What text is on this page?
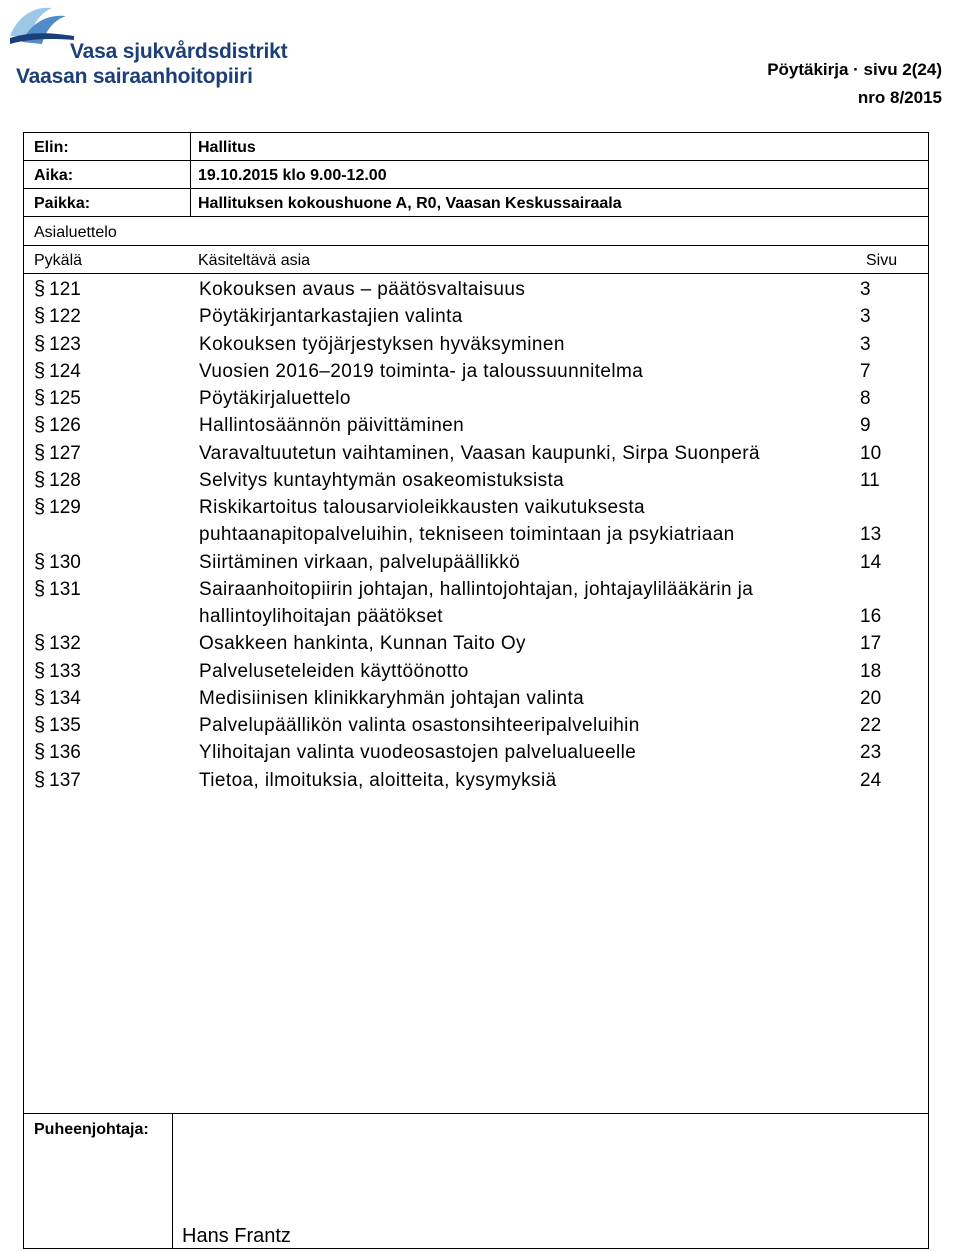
Vasa sjukvårdsdistrikt
Vaasan sairaanhoitopiiri	Pöytäkirja · sivu 2(24)
nro 8/2015
Elin:	Hallitus
Aika:	19.10.2015 klo 9.00-12.00
Paikka:	Hallituksen kokoushuone A, R0, Vaasan Keskussairaala
Asialuettelo
Pykälä	Käsiteltävä asia	Sivu
§ 121	Kokouksen avaus – päätösvaltaisuus	3
§ 122	Pöytäkirjantarkastajien valinta	3
§ 123	Kokouksen työjärjestyksen hyväksyminen	3
§ 124	Vuosien 2016–2019 toiminta- ja taloussuunnitelma	7
§ 125	Pöytäkirjaluettelo	8
§ 126	Hallintosäännön päivittäminen	9
§ 127	Varavaltuutetun vaihtaminen, Vaasan kaupunki, Sirpa Suonperä	10
§ 128	Selvitys kuntayhtymän osakeomistuksista	11
§ 129	Riskikartoitus talousarvioleikkausten vaikutuksesta puhtaanapitopalveluihin, tekniseen toimintaan ja psykiatriaan	13
§ 130	Siirtäminen virkaan, palvelupäällikkö	14
§ 131	Sairaanhoitopiirin johtajan, hallintojohtajan, johtajaylilääkärin ja hallintoylihoitajan päätökset	16
§ 132	Osakkeen hankinta, Kunnan Taito Oy	17
§ 133	Palveluseteleiden käyttöönotto	18
§ 134	Medisiinisen klinikkaryhmän johtajan valinta	20
§ 135	Palvelupäällikön valinta osastonsihteeripalveluihin	22
§ 136	Ylihoitajan valinta vuodeosastojen palvelualueelle	23
§ 137	Tietoa, ilmoituksia, aloitteita, kysymyksiä	24
Puheenjohtaja:
Hans Frantz
